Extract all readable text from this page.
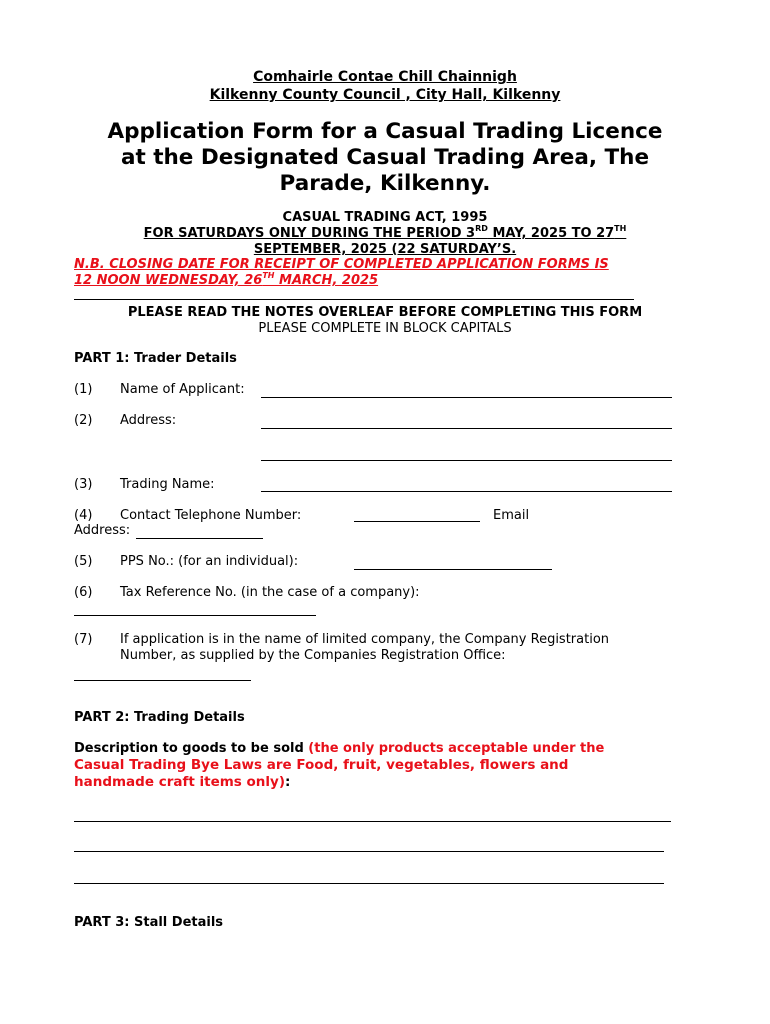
Comhairle Contae Chill Chainnigh
Kilkenny County Council , City Hall, Kilkenny
Application Form for a Casual Trading Licence
at the Designated Casual Trading Area, The
Parade, Kilkenny.
CASUAL TRADING ACT, 1995
FOR SATURDAYS ONLY DURING THE PERIOD 3RD MAY, 2025 TO 27TH
SEPTEMBER, 2025 (22 SATURDAY’S.
N.B. CLOSING DATE FOR RECEIPT OF COMPLETED APPLICATION FORMS IS
12 NOON WEDNESDAY, 26TH MARCH, 2025
PLEASE READ THE NOTES OVERLEAF BEFORE COMPLETING THIS FORM
PLEASE COMPLETE IN BLOCK CAPITALS
PART 1: Trader Details
(1) Name of Applicant:
(2) Address:
(3) Trading Name:
(4) Contact Telephone Number:	Email
Address:
(5) PPS No.: (for an individual):
(6) Tax Reference No. (in the case of a company):
(7) If application is in the name of limited company, the Company Registration
Number, as supplied by the Companies Registration Office:
PART 2: Trading Details
Description to goods to be sold (the only products acceptable under the
Casual Trading Bye Laws are Food, fruit, vegetables, flowers and
handmade craft items only):
PART 3: Stall Details
